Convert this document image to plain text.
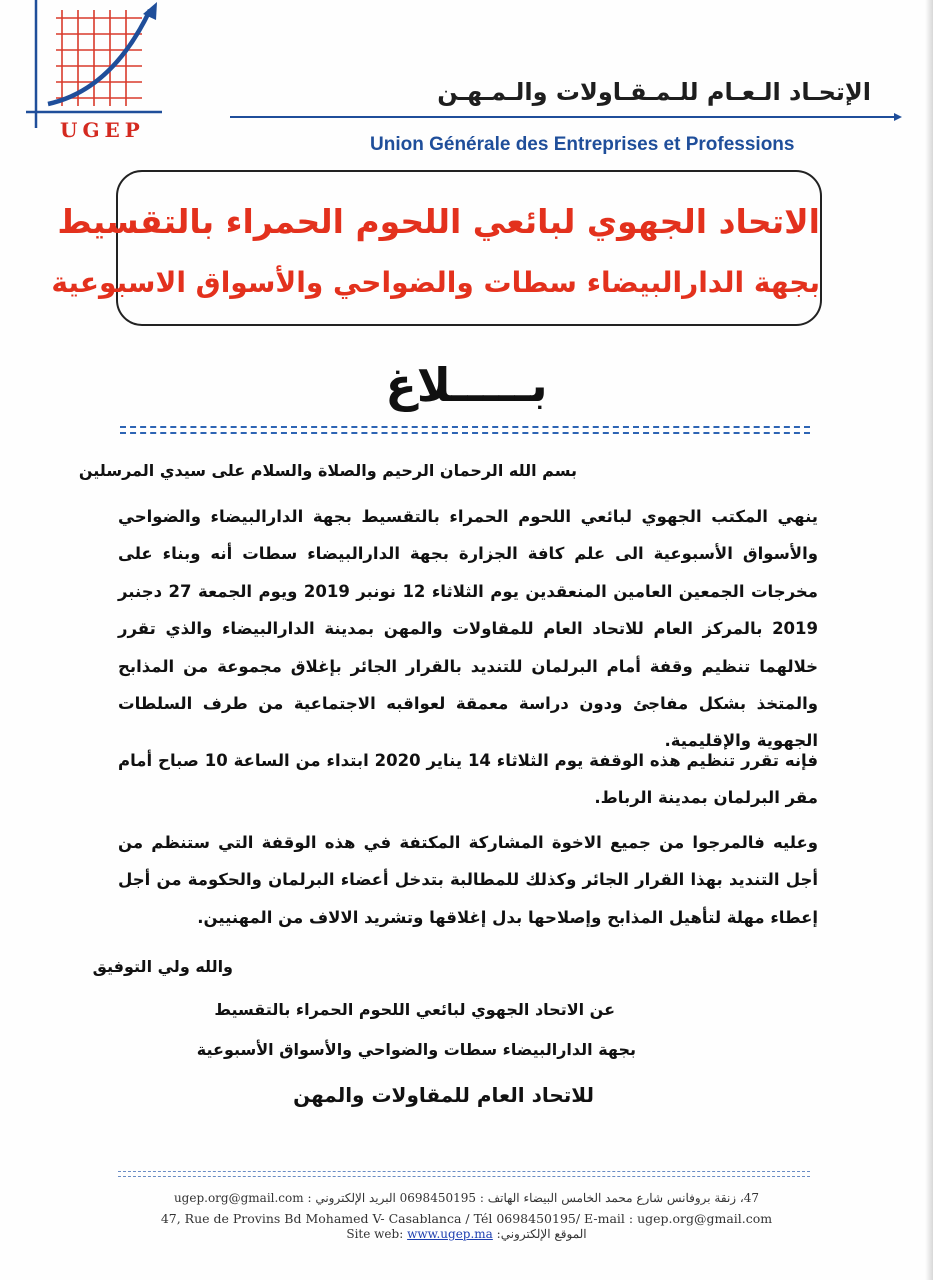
UGEP
الإتحـاد الـعـام للـمـقـاولات والـمـهـن
Union Générale des Entreprises et Professions
الاتحاد الجهوي لبائعي اللحوم الحمراء بالتقسيط
بجهة الدارالبيضاء سطات والضواحي والأسواق الاسبوعية
بـــــلاغ
بسم الله الرحمان الرحيم والصلاة والسلام على سيدي المرسلين
ينهي المكتب الجهوي لبائعي اللحوم الحمراء بالتقسيط بجهة الدارالبيضاء والضواحي والأسواق الأسبوعية الى علم كافة الجزارة بجهة الدارالبيضاء سطات أنه وبناء على مخرجات الجمعين العامين المنعقدين يوم الثلاثاء 12 نونبر 2019 ويوم الجمعة 27 دجنبر 2019 بالمركز العام للاتحاد العام للمقاولات والمهن بمدينة الدارالبيضاء والذي تقرر خلالهما تنظيم وقفة أمام البرلمان للتنديد بالقرار الجائر بإغلاق مجموعة من المذابح والمتخذ بشكل مفاجئ ودون دراسة معمقة لعواقبه الاجتماعية من طرف السلطات الجهوية والإقليمية.
فإنه تقرر تنظيم هذه الوقفة يوم الثلاثاء 14 يناير 2020 ابتداء من الساعة 10 صباح أمام مقر البرلمان بمدينة الرباط.
وعليه فالمرجوا من جميع الاخوة المشاركة المكتفة في هذه الوقفة التي ستنظم من أجل التنديد بهذا القرار الجائر وكذلك للمطالبة بتدخل أعضاء البرلمان والحكومة من أجل إعطاء مهلة لتأهيل المذابح وإصلاحها بدل إغلاقها وتشريد الالاف من المهنيين.
والله ولي التوفيق
عن الاتحاد الجهوي لبائعي اللحوم الحمراء بالتقسيط
بجهة الدارالبيضاء سطات والضواحي والأسواق الأسبوعية
للاتحاد العام للمقاولات والمهن
47، زنقة بروفانس شارع محمد الخامس البيضاء الهاتف : 0698450195 البريد الإلكتروني : ugep.org@gmail.com
47, Rue de Provins Bd Mohamed V- Casablanca / Tél 0698450195/ E-mail : ugep.org@gmail.com
Site web: www.ugep.ma الموقع الإلكتروني:
